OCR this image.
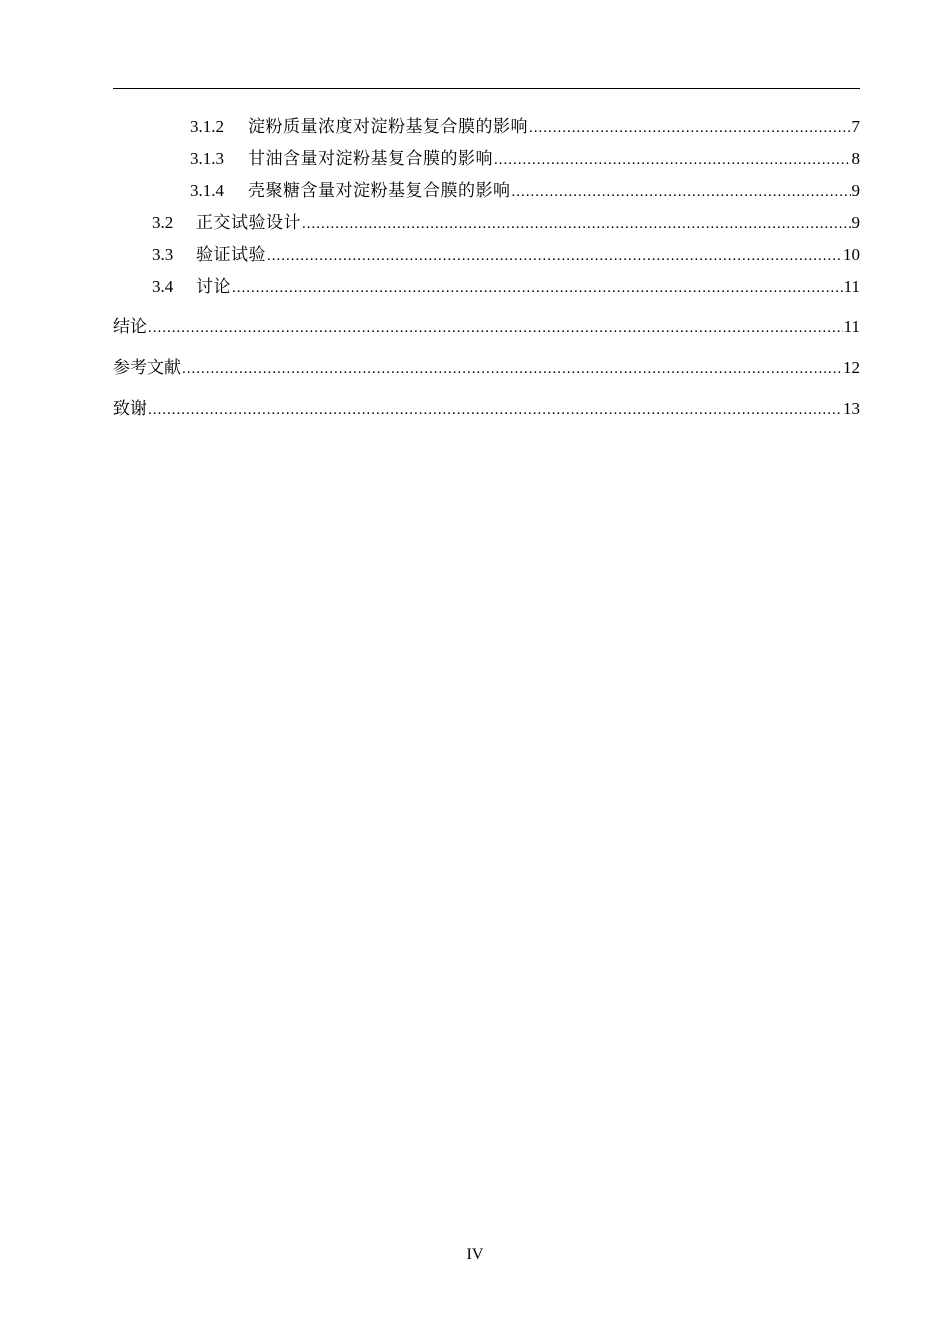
3.1.2	淀粉质量浓度对淀粉基复合膜的影响 .....	7
3.1.3	甘油含量对淀粉基复合膜的影响 .....	8
3.1.4	壳聚糖含量对淀粉基复合膜的影响 .....	9
3.2	正交试验设计 .....	9
3.3	验证试验 .....	10
3.4	讨论 .....	11
结论 .....	11
参考文献 .....	12
致谢 .....	13
IV
